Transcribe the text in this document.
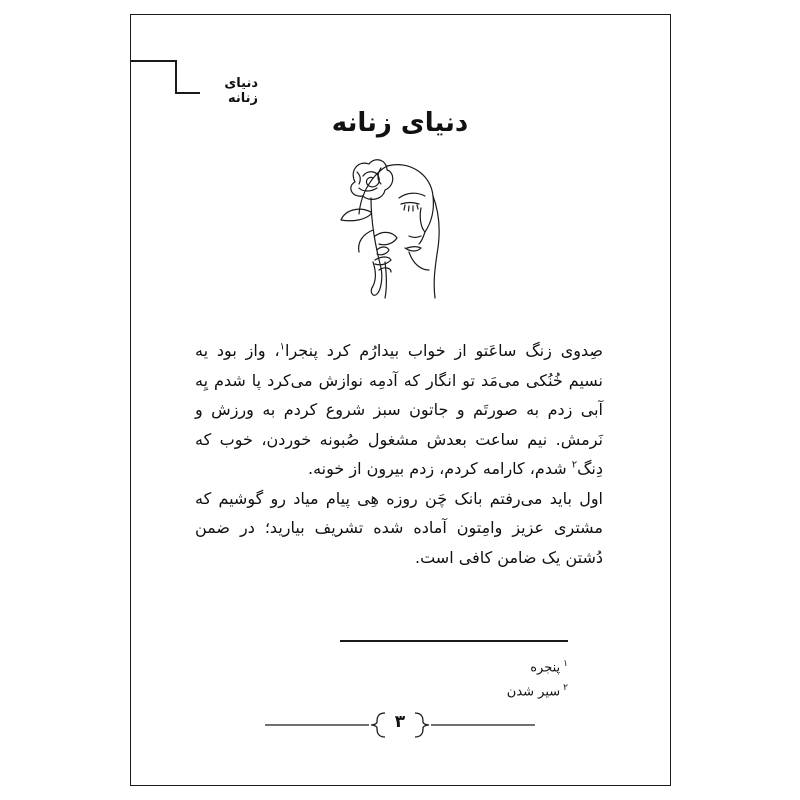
دنیای زنانه
دنیای زنانه

صِدوی زنگ ساعَتو از خواب بیدارُم کرد پنجرا$^۱$، واز بود یه نسیم خُنُکی می‌مَد تو انگار که آدمِه نوازش می‌کرد پا شدم یِه آبی زدم به صورتَم و جاتون سبز شروع کردم به ورزش و نَرمش. نیم ساعت بعدش مشغول صُبونه خوردن، خوب که دِنگ$^۲$ شدم، کارامه کردم، زدم بیرون از خونه.

اول باید می‌رفتم بانک چَن روزه هِی پیام میاد رو گوشیم که مشتری عزیز وامِتون آماده شده تشریف بیارید؛ در ضمن دُشتن یک ضامن کافی است.

$^۱$پنجره
$^۲$سیر شدن
۳
